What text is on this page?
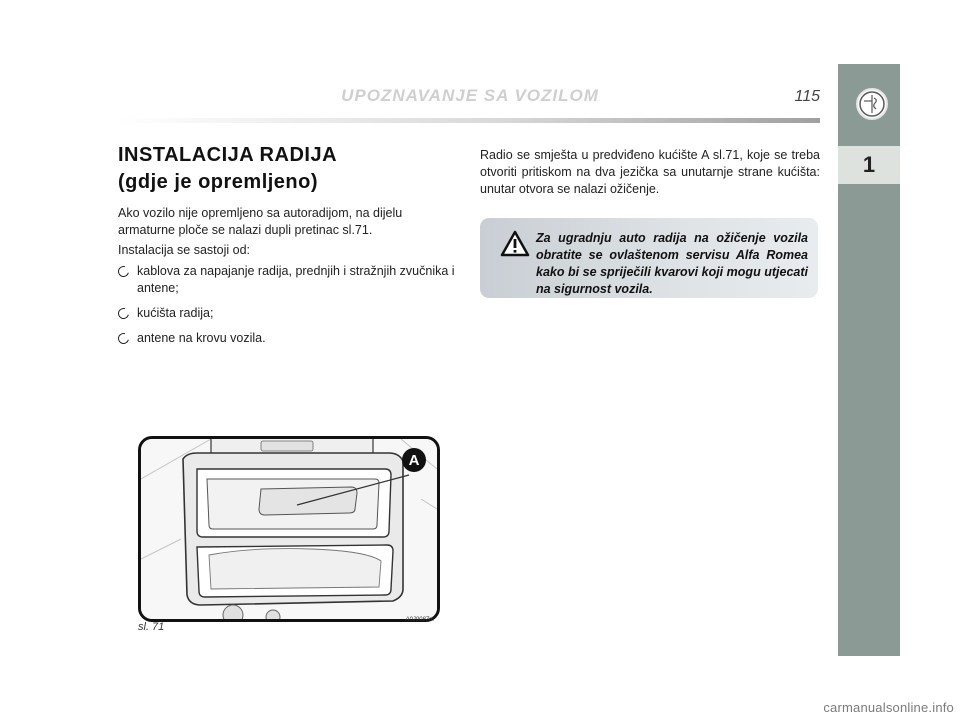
UPOZNAVANJE SA VOZILOM	115
1
INSTALACIJA RADIJA
(gdje je opremljeno)

Ako vozilo nije opremljeno sa autoradijom, na dijelu armaturne ploče se nalazi dupli pretinac sl.71.

Instalacija se sastoji od:

kablova za napajanje radija, prednjih i stražnjih zvučnika i antene;
kućišta radija;
antene na krovu vozila.

Radio se smješta u predviđeno kućište A sl.71, koje se treba otvoriti pritiskom na dva jezička sa unutarnje strane kućišta: unutar otvora se nalazi ožičenje.

Za ugradnju auto radija na ožičenje vozila obratite se ovlaštenom servisu Alfa Romea kako bi se spriječili kvarovi koji mogu utjecati na sigurnost vozila.
A
sl. 71
A0J0087m
carmanualsonline.info
